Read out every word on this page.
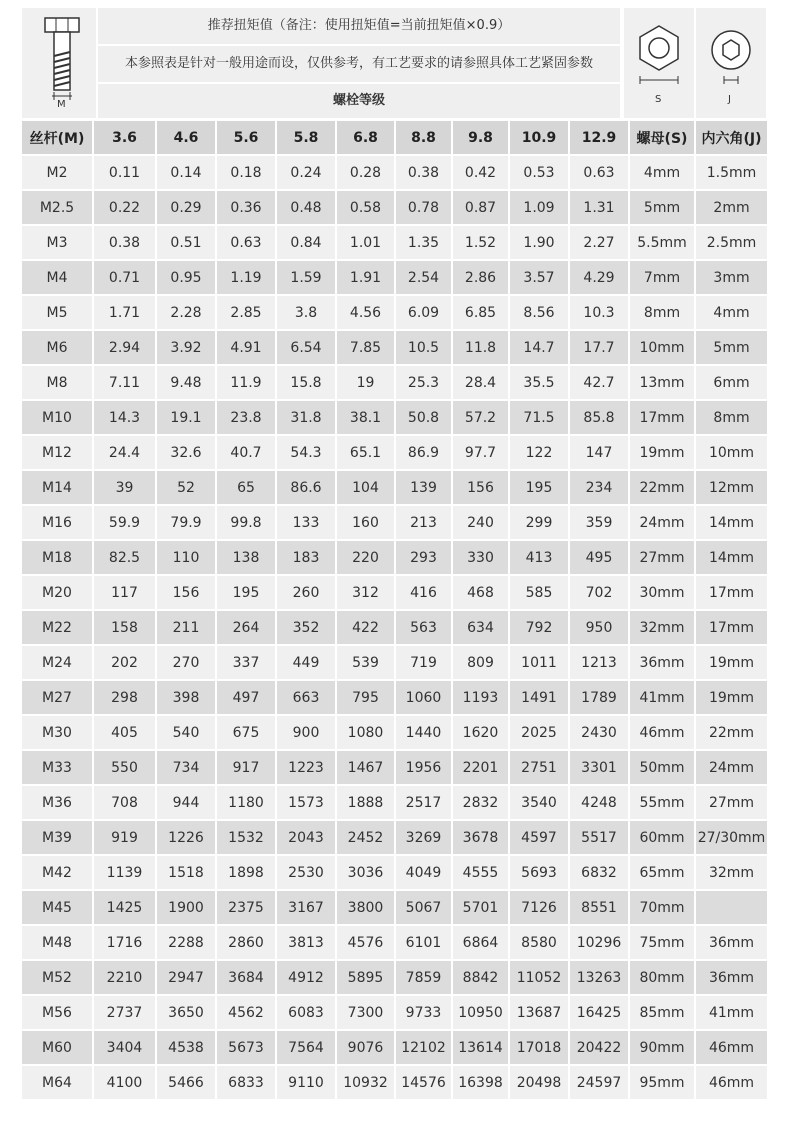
M
推荐扭矩值（备注：使用扭矩值=当前扭矩值×0.9）
本参照表是针对一般用途而设，仅供参考，有工艺要求的请参照具体工艺紧固参数
螺栓等级	S	J
丝杆(M)	3.6	4.6	5.6	5.8	6.8	8.8	9.8	10.9	12.9	螺母(S)	内六角(J)
M2	0.11	0.14	0.18	0.24	0.28	0.38	0.42	0.53	0.63	4mm	1.5mm
M2.5	0.22	0.29	0.36	0.48	0.58	0.78	0.87	1.09	1.31	5mm	2mm
M3	0.38	0.51	0.63	0.84	1.01	1.35	1.52	1.90	2.27	5.5mm	2.5mm
M4	0.71	0.95	1.19	1.59	1.91	2.54	2.86	3.57	4.29	7mm	3mm
M5	1.71	2.28	2.85	3.8	4.56	6.09	6.85	8.56	10.3	8mm	4mm
M6	2.94	3.92	4.91	6.54	7.85	10.5	11.8	14.7	17.7	10mm	5mm
M8	7.11	9.48	11.9	15.8	19	25.3	28.4	35.5	42.7	13mm	6mm
M10	14.3	19.1	23.8	31.8	38.1	50.8	57.2	71.5	85.8	17mm	8mm
M12	24.4	32.6	40.7	54.3	65.1	86.9	97.7	122	147	19mm	10mm
M14	39	52	65	86.6	104	139	156	195	234	22mm	12mm
M16	59.9	79.9	99.8	133	160	213	240	299	359	24mm	14mm
M18	82.5	110	138	183	220	293	330	413	495	27mm	14mm
M20	117	156	195	260	312	416	468	585	702	30mm	17mm
M22	158	211	264	352	422	563	634	792	950	32mm	17mm
M24	202	270	337	449	539	719	809	1011	1213	36mm	19mm
M27	298	398	497	663	795	1060	1193	1491	1789	41mm	19mm
M30	405	540	675	900	1080	1440	1620	2025	2430	46mm	22mm
M33	550	734	917	1223	1467	1956	2201	2751	3301	50mm	24mm
M36	708	944	1180	1573	1888	2517	2832	3540	4248	55mm	27mm
M39	919	1226	1532	2043	2452	3269	3678	4597	5517	60mm	27/30mm
M42	1139	1518	1898	2530	3036	4049	4555	5693	6832	65mm	32mm
M45	1425	1900	2375	3167	3800	5067	5701	7126	8551	70mm	
M48	1716	2288	2860	3813	4576	6101	6864	8580	10296	75mm	36mm
M52	2210	2947	3684	4912	5895	7859	8842	11052	13263	80mm	36mm
M56	2737	3650	4562	6083	7300	9733	10950	13687	16425	85mm	41mm
M60	3404	4538	5673	7564	9076	12102	13614	17018	20422	90mm	46mm
M64	4100	5466	6833	9110	10932	14576	16398	20498	24597	95mm	46mm
